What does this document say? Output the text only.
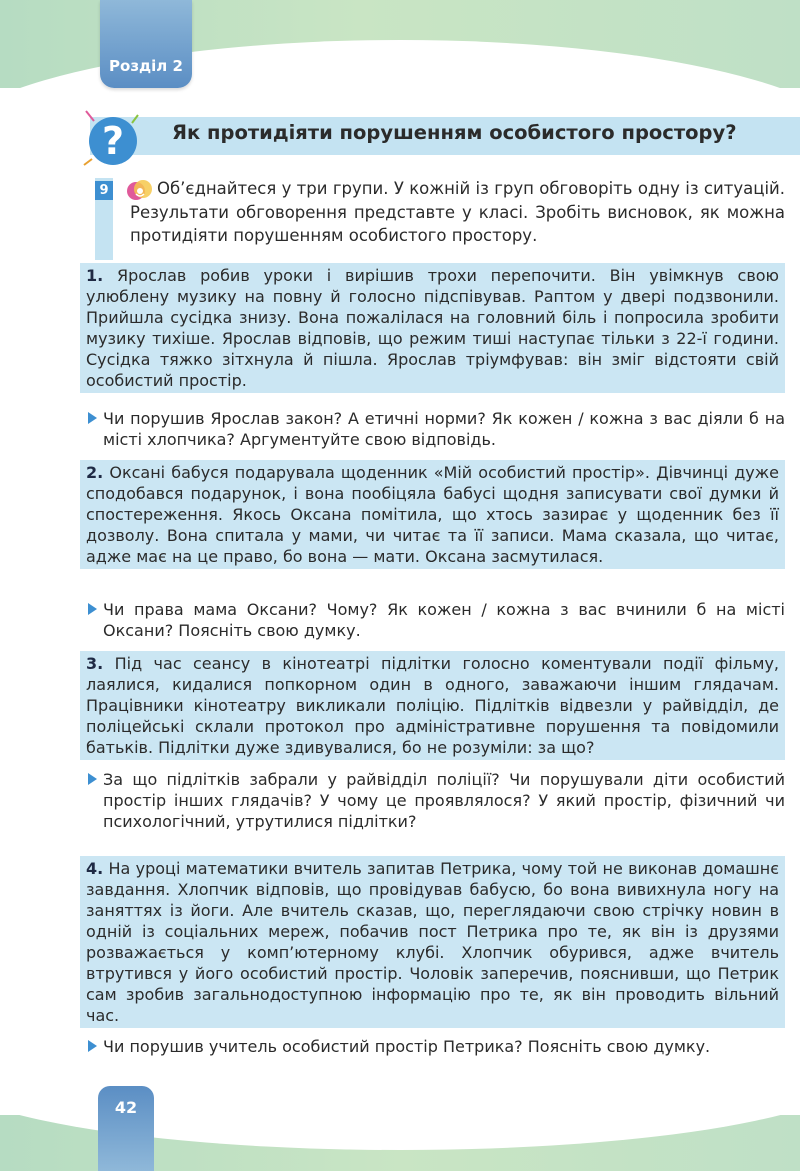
Розділ 2
? Як протидіяти порушенням особистого простору?
9	Об’єднайтеся у три групи. У кожній із груп обговоріть одну із ситуацій. Результати обговорення представте у класі. Зробіть висновок, як можна протидіяти порушенням особистого простору.

1. Ярослав робив уроки і вирішив трохи перепочити. Він увімкнув свою улюблену музику на повну й голосно підспівував. Раптом у двері подзвонили. Прийшла сусідка знизу. Вона пожалілася на головний біль і попросила зробити музику тихіше. Ярослав відповів, що режим тиші наступає тільки з 22-ї години. Сусідка тяжко зітхнула й пішла. Ярослав тріумфував: він зміг відстояти свій особистий простір.

Чи порушив Ярослав закон? А етичні норми? Як кожен / кожна з вас діяли б на місті хлопчика? Аргументуйте свою відповідь.

2. Оксані бабуся подарувала щоденник «Мій особистий простір». Дівчинці дуже сподобався подарунок, і вона пообіцяла бабусі щодня записувати свої думки й спостереження. Якось Оксана помітила, що хтось зазирає у щоденник без її дозволу. Вона спитала у мами, чи читає та її записи. Мама сказала, що читає, адже має на це право, бо вона — мати. Оксана засмутилася.

Чи права мама Оксани? Чому? Як кожен / кожна з вас вчинили б на місті Оксани? Поясніть свою думку.

3. Під час сеансу в кінотеатрі підлітки голосно коментували події фільму, лаялися, кидалися попкорном один в одного, заважаючи іншим глядачам. Працівники кінотеатру викликали поліцію. Підлітків відвезли у райвідділ, де поліцейські склали протокол про адміністративне порушення та повідомили батьків. Підлітки дуже здивувалися, бо не розуміли: за що?

За що підлітків забрали у райвідділ поліції? Чи порушували діти особистий простір інших глядачів? У чому це проявлялося? У який простір, фізичний чи психологічний, утрутилися підлітки?

4. На уроці математики вчитель запитав Петрика, чому той не виконав домашнє завдання. Хлопчик відповів, що провідував бабусю, бо вона вивихнула ногу на заняттях із йоги. Але вчитель сказав, що, переглядаючи свою стрічку новин в одній із соціальних мереж, побачив пост Петрика про те, як він із друзями розважається у комп’ютерному клубі. Хлопчик обурився, адже вчитель втрутився у його особистий простір. Чоловік заперечив, пояснивши, що Петрик сам зробив загальнодоступною інформацію про те, як він проводить вільний час.

Чи порушив учитель особистий простір Петрика? Поясніть свою думку.

42
